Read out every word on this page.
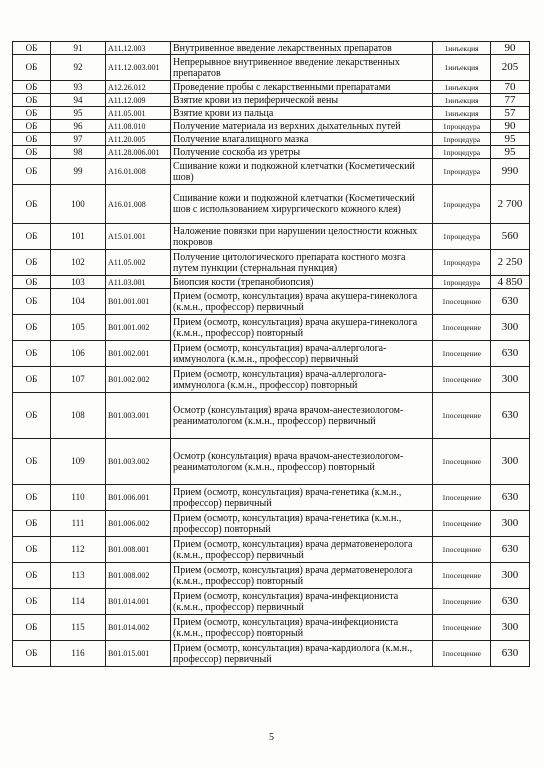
ОБ	91	A11.12.003	Внутривенное введение лекарственных препаратов	1инъекция	90
ОБ	92	A11.12.003.001	Непрерывное внутривенное введение лекарственных препаратов	1инъекция	205
ОБ	93	A12.26.012	Проведение пробы с лекарственными препаратами	1инъекция	70
ОБ	94	A11.12.009	Взятие крови из периферической вены	1инъекция	77
ОБ	95	A11.05.001	Взятие крови из пальца	1инъекция	57
ОБ	96	A11.08.010	Получение материала из верхних дыхательных путей	1процедура	90
ОБ	97	A11.20.005	Получение влагалищного мазка	1процедура	95
ОБ	98	A11.28.006.001	Получение соскоба из уретры	1процедура	95
ОБ	99	A16.01.008	Сшивание кожи и подкожной клетчатки (Косметический шов)	1процедура	990
ОБ	100	A16.01.008	Сшивание кожи и подкожной клетчатки (Косметический шов с использованием хирургического кожного клея)	1процедура	2 700
ОБ	101	A15.01.001	Наложение повязки при нарушении целостности кожных покровов	1процедура	560
ОБ	102	A11.05.002	Получение цитологического препарата костного мозга путем пункции (стернальная пункция)	1процедура	2 250
ОБ	103	A11.03.001	Биопсия кости (трепанобиопсия)	1процедура	4 850
ОБ	104	B01.001.001	Прием (осмотр, консультация) врача акушера-гинеколога (к.м.н., профессор) первичный	1посещение	630
ОБ	105	B01.001.002	Прием (осмотр, консультация) врача акушера-гинеколога (к.м.н., профессор) повторный	1посещение	300
ОБ	106	B01.002.001	Прием (осмотр, консультация) врача-аллерголога-иммунолога (к.м.н., профессор) первичный	1посещение	630
ОБ	107	B01.002.002	Прием (осмотр, консультация) врача-аллерголога-иммунолога (к.м.н., профессор) повторный	1посещение	300
ОБ	108	B01.003.001	Осмотр (консультация) врача врачом-анестезиологом-реаниматологом (к.м.н., профессор) первичный	1посещение	630
ОБ	109	B01.003.002	Осмотр (консультация) врача врачом-анестезиологом-реаниматологом (к.м.н., профессор) повторный	1посещение	300
ОБ	110	B01.006.001	Прием (осмотр, консультация) врача-генетика (к.м.н., профессор) первичный	1посещение	630
ОБ	111	B01.006.002	Прием (осмотр, консультация) врача-генетика (к.м.н., профессор) повторный	1посещение	300
ОБ	112	B01.008.001	Прием (осмотр, консультация) врача дерматовенеролога (к.м.н., профессор) первичный	1посещение	630
ОБ	113	B01.008.002	Прием (осмотр, консультация) врача дерматовенеролога (к.м.н., профессор) повторный	1посещение	300
ОБ	114	B01.014.001	Прием (осмотр, консультация) врача-инфекциониста (к.м.н., профессор) первичный	1посещение	630
ОБ	115	B01.014.002	Прием (осмотр, консультация) врача-инфекциониста (к.м.н., профессор) повторный	1посещение	300
ОБ	116	B01.015.001	Прием (осмотр, консультация) врача-кардиолога (к.м.н., профессор) первичный	1посещение	630
5
